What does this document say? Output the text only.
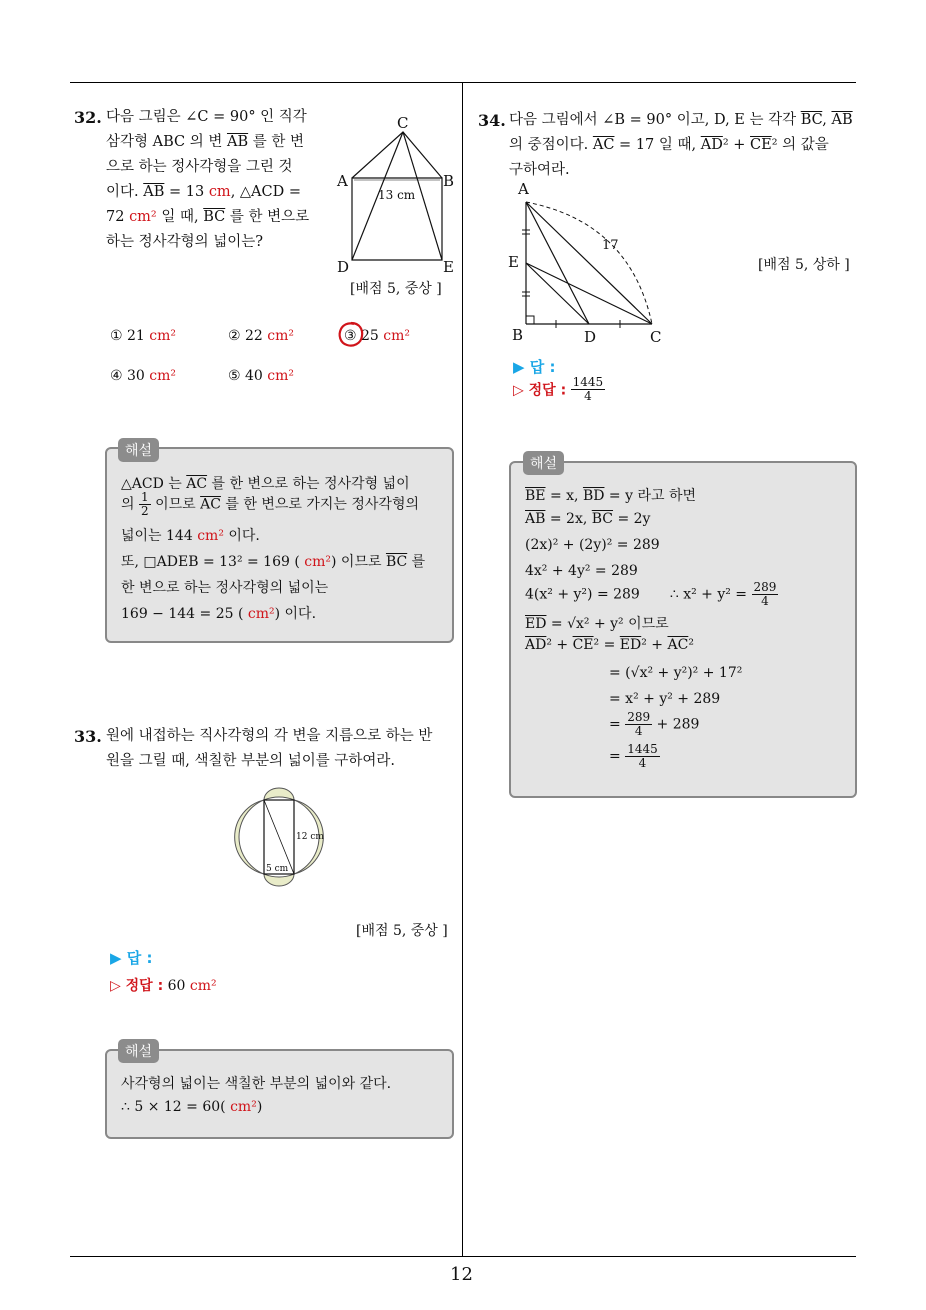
12
32. 다음 그림은 ∠C = 90° 인 직각
삼각형 ABC 의 변 $\overline{AB}$ 를 한 변
으로 하는 정사각형을 그린 것
이다. $\overline{AB} = 13$ cm, △ACD =
72 cm² 일 때, $\overline{BC}$ 를 한 변으로
하는 정사각형의 넓이는?
C
A	B
13 cm
D	E
[배점 5, 중상 ]
① 21 cm²	② 22 cm²	③ 25 cm²
④ 30 cm²	⑤ 40 cm²
△ACD 는 $\overline{AC}$ 를 한 변으로 하는 정사각형 넓이
의 $\frac{1}{2}$ 이므로 $\overline{AC}$ 를 한 변으로 가지는 정사각형의
넓이는 144 cm² 이다.
또, □ADEB = 13² = 169 ( cm²) 이므로 $\overline{BC}$ 를
한 변으로 하는 정사각형의 넓이는
169 − 144 = 25 ( cm²) 이다.
해설
33. 원에 내접하는 직사각형의 각 변을 지름으로 하는 반
원을 그릴 때, 색칠한 부분의 넓이를 구하여라.
12 cm
5 cm
[배점 5, 중상 ]
▶ 답 :
▷ 정답 : 60 cm²
사각형의 넓이는 색칠한 부분의 넓이와 같다.
∴ 5 × 12 = 60( cm²)
해설
34. 다음 그림에서 ∠B = 90° 이고, D, E 는 각각 $\overline{BC}$, $\overline{AB}$
의 중점이다. $\overline{AC} = 17$ 일 때, $\overline{AD}^2 + \overline{CE}^2$ 의 값을
구하여라.
A
E
B	D	C
17
[배점 5, 상하 ]
▶ 답 :
▷ 정답 : $\frac{1445}{4}$
$\overline{BE} = x$, $\overline{BD} = y$ 라고 하면
$\overline{AB} = 2x$, $\overline{BC} = 2y$
(2x)² + (2y)² = 289
4x² + 4y² = 289
4(x² + y²) = 289 ∴ $x^2 + y^2 = \frac{289}{4}$
$\overline{ED} = √x^2 + y^2$ 이므로
$\overline{AD}^2 + \overline{CE}^2 = \overline{ED}^2 + \overline{AC}^2$
= (√x² + y²)² + 17²
= x² + y² + 289
= $\frac{289}{4} + 289$
= $\frac{1445}{4}$
해설
